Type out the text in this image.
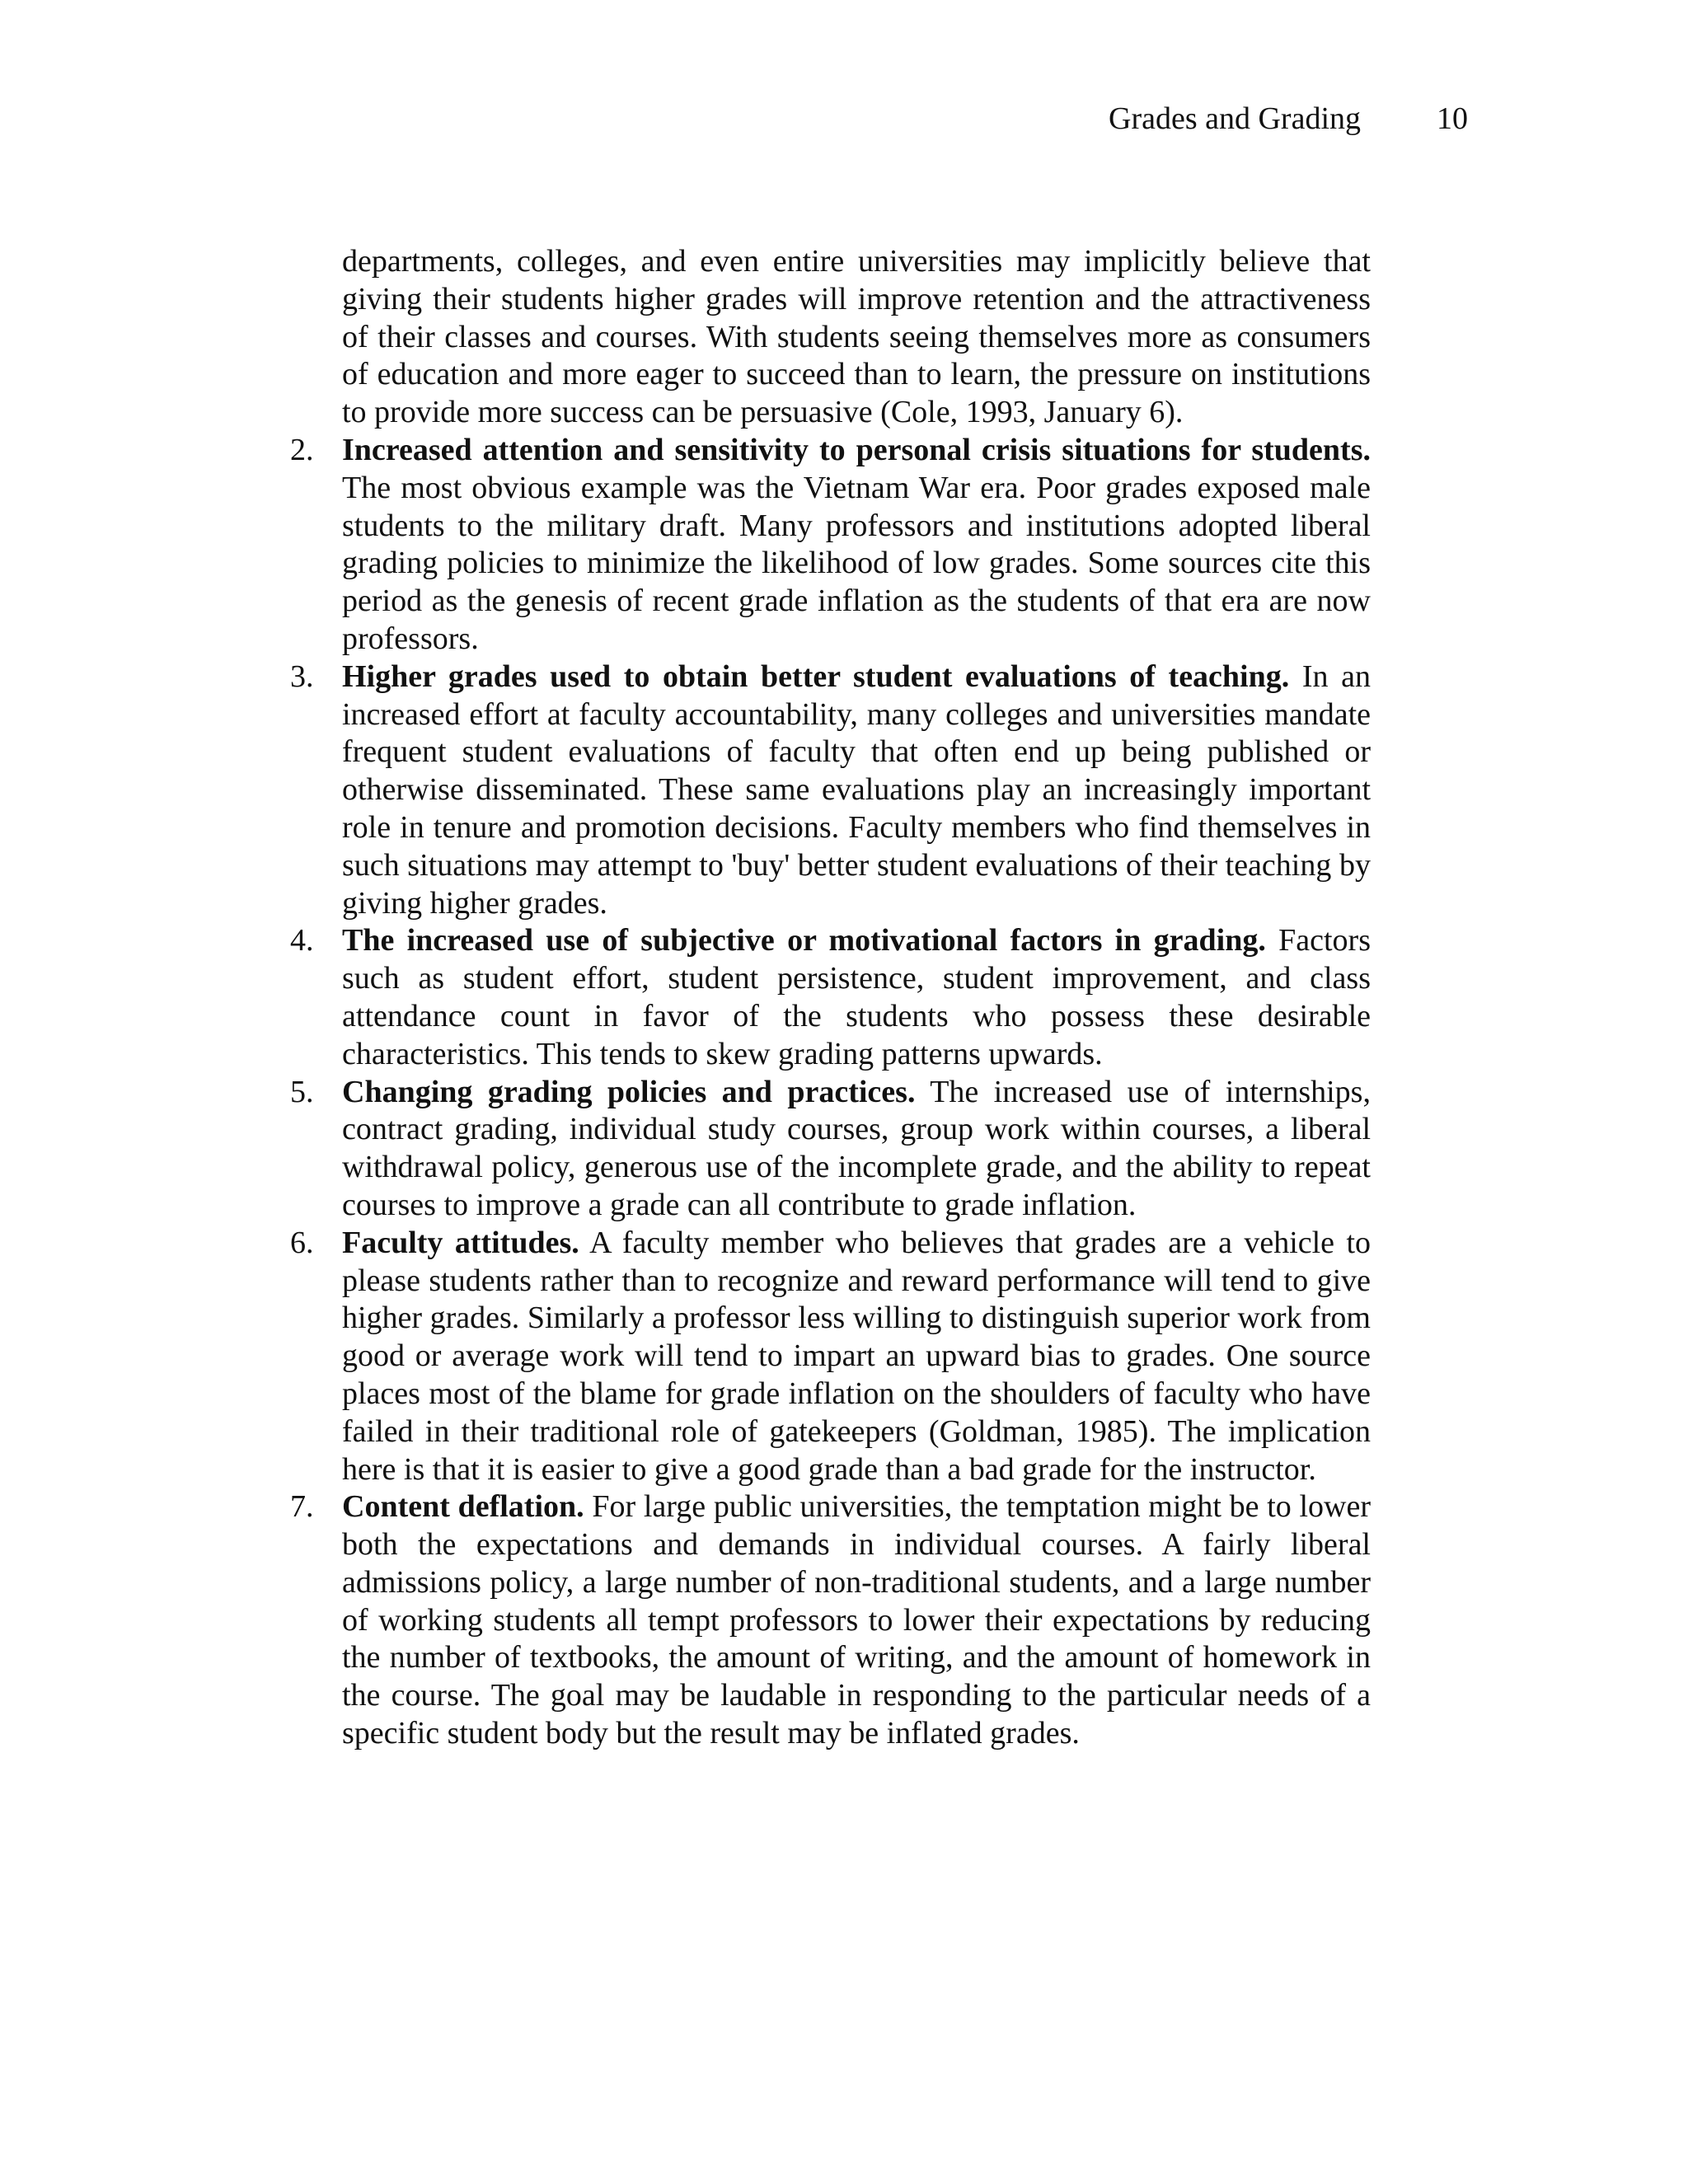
Grades and Grading 10

departments, colleges, and even entire universities may implicitly believe that giving their students higher grades will improve retention and the attractiveness of their classes and courses. With students seeing themselves more as consumers of education and more eager to succeed than to learn, the pressure on institutions to provide more success can be persuasive (Cole, 1993, January 6).

2. Increased attention and sensitivity to personal crisis situations for students. The most obvious example was the Vietnam War era. Poor grades exposed male students to the military draft. Many professors and institutions adopted liberal grading policies to minimize the likelihood of low grades. Some sources cite this period as the genesis of recent grade inflation as the students of that era are now professors.
3. Higher grades used to obtain better student evaluations of teaching. In an increased effort at faculty accountability, many colleges and universities mandate frequent student evaluations of faculty that often end up being published or otherwise disseminated. These same evaluations play an increasingly important role in tenure and promotion decisions. Faculty members who find themselves in such situations may attempt to 'buy' better student evaluations of their teaching by giving higher grades.
4. The increased use of subjective or motivational factors in grading. Factors such as student effort, student persistence, student improvement, and class attendance count in favor of the students who possess these desirable characteristics. This tends to skew grading patterns upwards.
5. Changing grading policies and practices. The increased use of internships, contract grading, individual study courses, group work within courses, a liberal withdrawal policy, generous use of the incomplete grade, and the ability to repeat courses to improve a grade can all contribute to grade inflation.
6. Faculty attitudes. A faculty member who believes that grades are a vehicle to please students rather than to recognize and reward performance will tend to give higher grades. Similarly a professor less willing to distinguish superior work from good or average work will tend to impart an upward bias to grades. One source places most of the blame for grade inflation on the shoulders of faculty who have failed in their traditional role of gatekeepers (Goldman, 1985). The implication here is that it is easier to give a good grade than a bad grade for the instructor.
7. Content deflation. For large public universities, the temptation might be to lower both the expectations and demands in individual courses. A fairly liberal admissions policy, a large number of non-traditional students, and a large number of working students all tempt professors to lower their expectations by reducing the number of textbooks, the amount of writing, and the amount of homework in the course. The goal may be laudable in responding to the particular needs of a specific student body but the result may be inflated grades.
